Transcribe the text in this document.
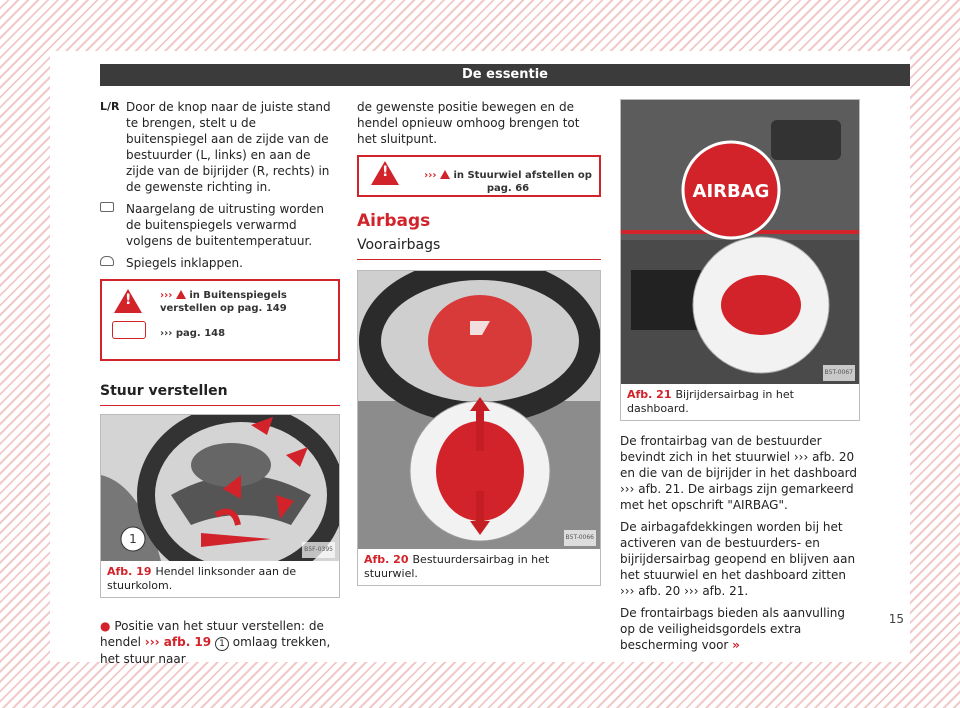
De essentie
L/R Door de knop naar de juiste stand te brengen, stelt u de buitenspiegel aan de zijde van de bestuurder (L, links) en aan de zijde van de bijrijder (R, rechts) in de gewenste richting in.
Naargelang de uitrusting worden de buitenspiegels verwarmd volgens de buitentemperatuur.
Spiegels inklappen.
!
››› in Buitenspiegels verstellen op pag. 149
››› pag. 148
Stuur verstellen
1
B5F-0395
Afb. 19 Hendel linksonder aan de stuurkolom.

● Positie van het stuur verstellen: de hendel ››› afb. 19 1 omlaag trekken, het stuur naar

de gewenste positie bewegen en de hendel opnieuw omhoog brengen tot het sluitpunt.

!
››› in Stuurwiel afstellen op pag. 66
Airbags
Voorairbags
B5T-0066
Afb. 20 Bestuurdersairbag in het stuurwiel.
AIRBAG
B5T-0067
Afb. 21 Bijrijdersairbag in het dashboard.

De frontairbag van de bestuurder bevindt zich in het stuurwiel ››› afb. 20 en die van de bijrijder in het dashboard ››› afb. 21. De airbags zijn gemarkeerd met het opschrift "AIRBAG".

De airbagafdekkingen worden bij het activeren van de bestuurders- en bijrijdersairbag geopend en blijven aan het stuurwiel en het dashboard zitten ››› afb. 20 ››› afb. 21.

De frontairbags bieden als aanvulling op de veiligheidsgordels extra bescherming voor »

15
